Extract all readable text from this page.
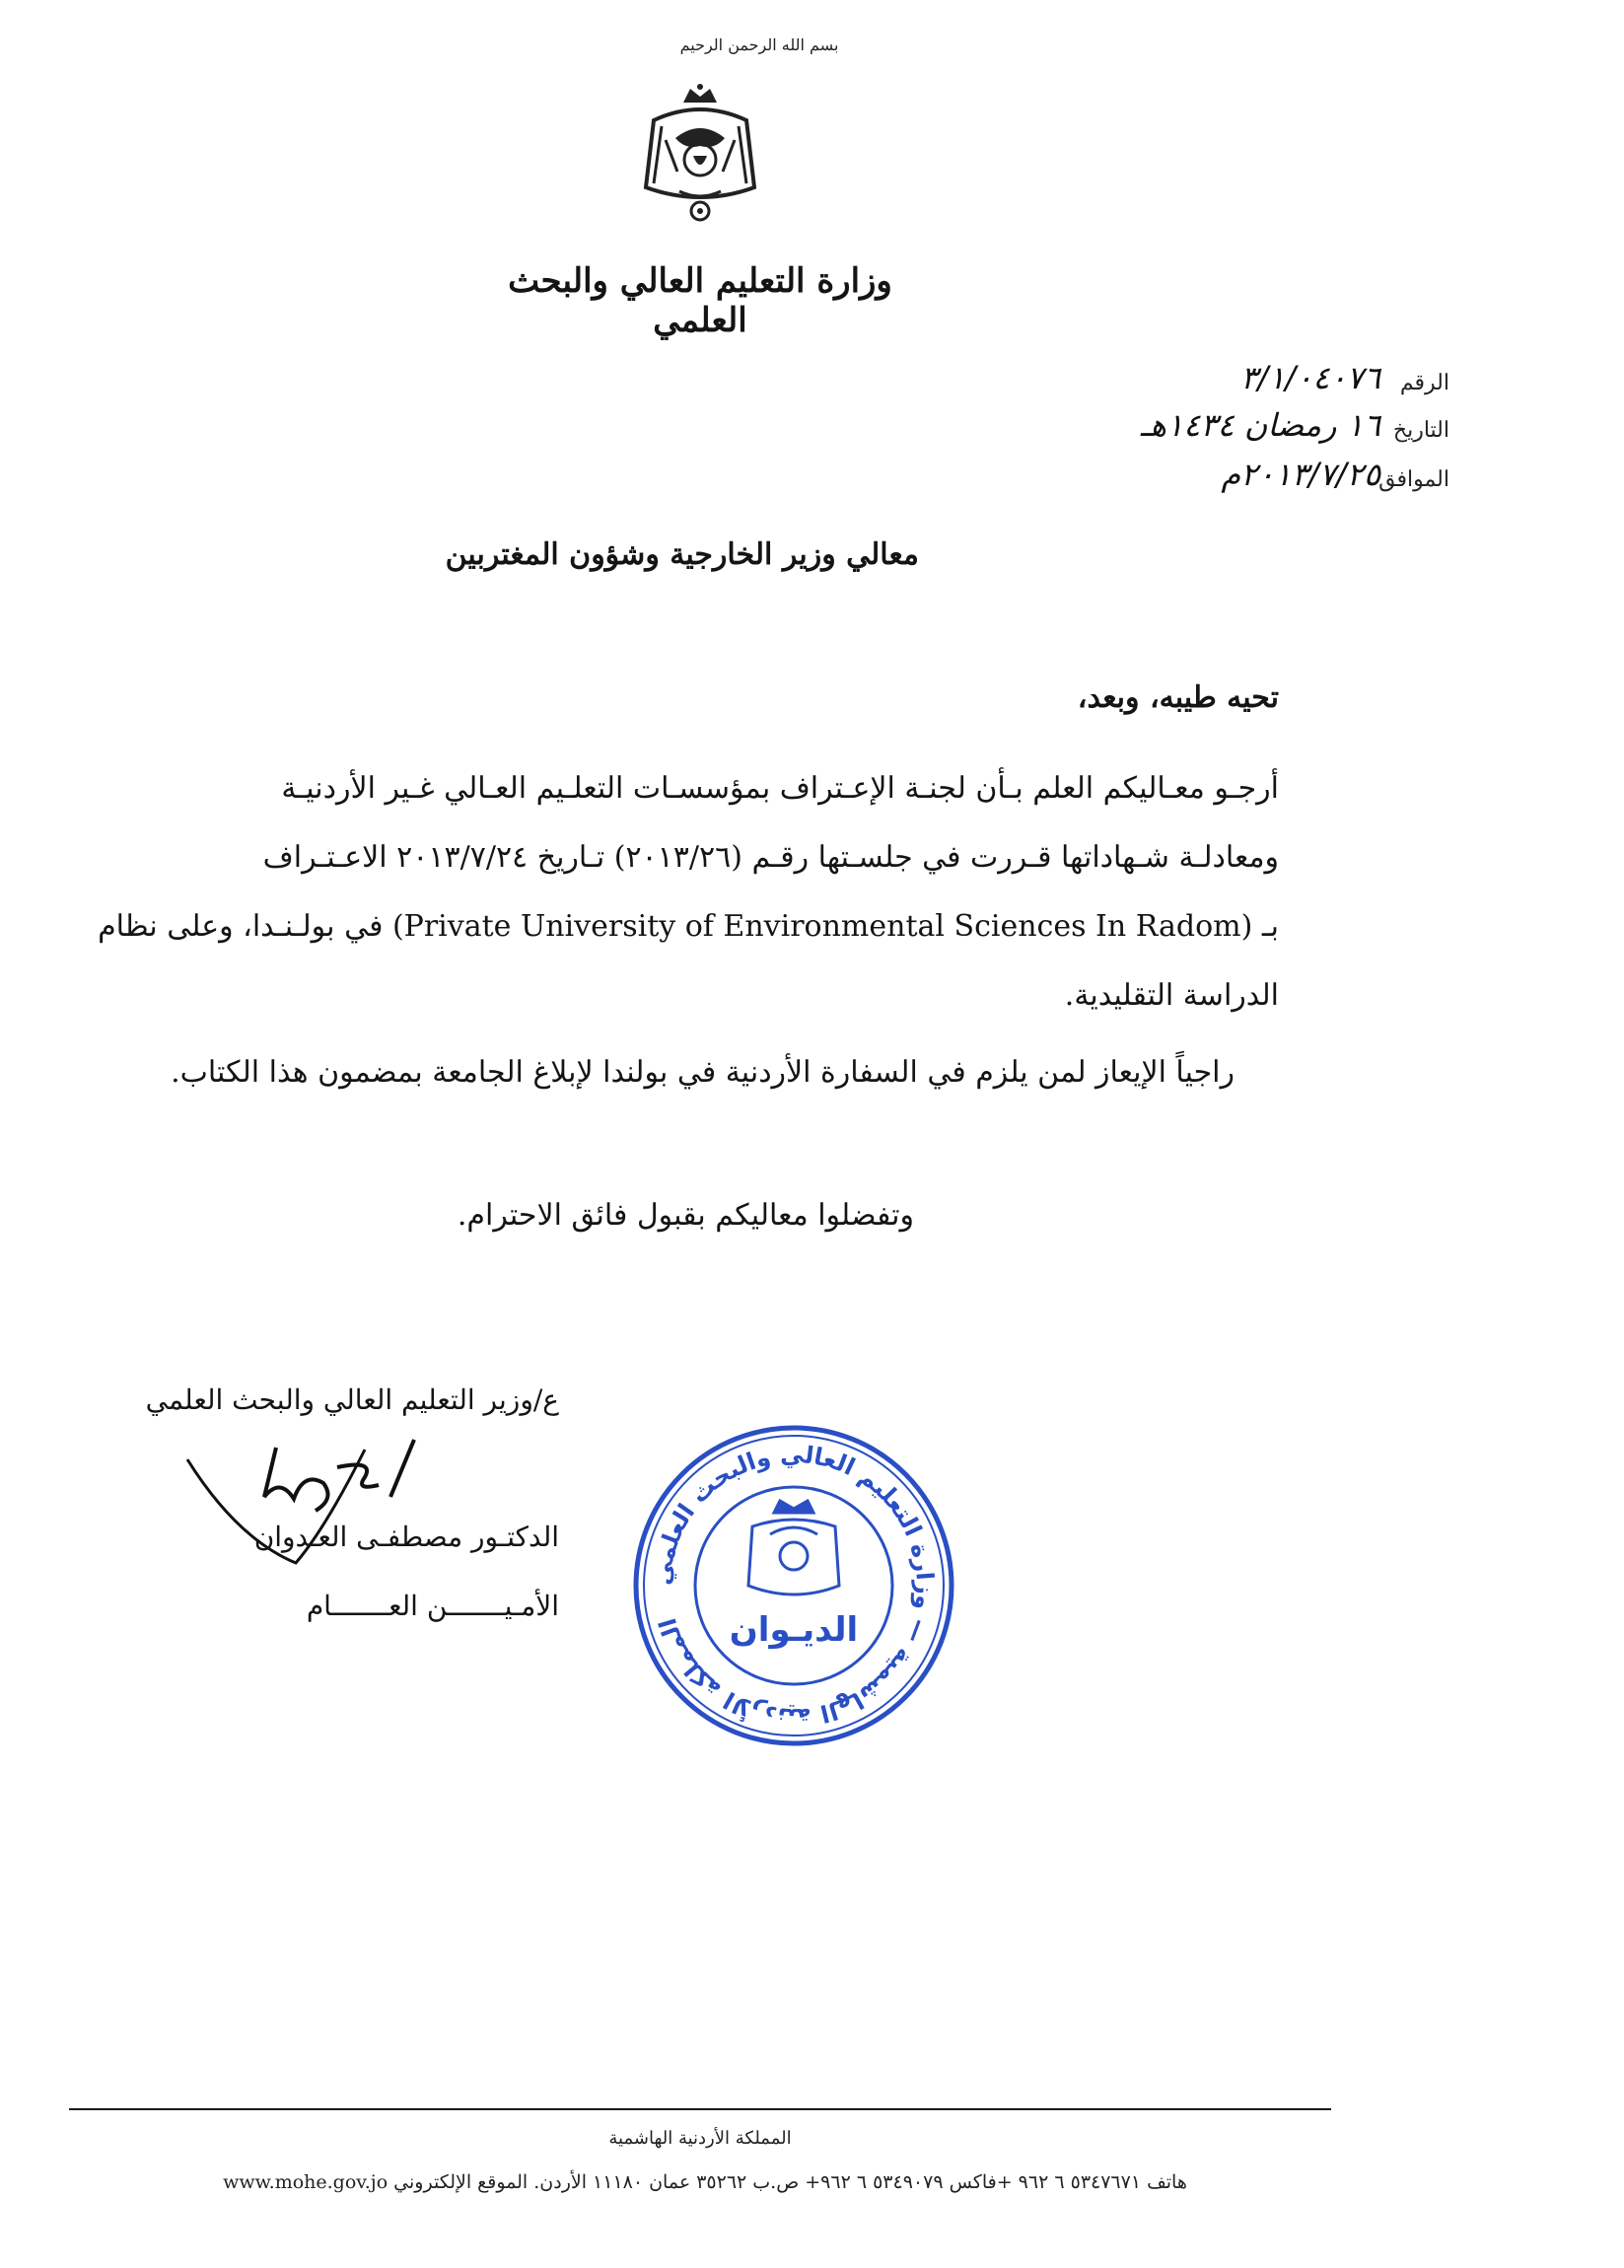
بسم الله الرحمن الرحيم
وزارة التعليم العالي والبحث العلمي
الرقم
٣/١/٠٤٠٧٦
التاريخ
١٦ رمضان ١٤٣٤هـ
الموافق
٢٠١٣/٧/٢٥م
معالي وزير الخارجية وشؤون المغتربين
تحيه طيبه، وبعد،
أرجـو معـاليكم العلم بـأن لجنـة الإعـتراف بمؤسسـات التعلـيم العـالي غـير الأردنيـة
ومعادلـة شـهاداتها قـررت في جلسـتها رقـم (٢٠١٣/٢٦) تـاريخ ٢٠١٣/٧/٢٤ الاعـتـراف
بـ (Private University of Environmental Sciences In Radom) في بولـنـدا، وعلى نظام
الدراسة التقليدية.
راجياً الإيعاز لمن يلزم في السفارة الأردنية في بولندا لإبلاغ الجامعة بمضمون هذا الكتاب.
وتفضلوا معاليكم بقبول فائق الاحترام.
ع/وزير التعليم العالي والبحث العلمي
الدكتـور مصطفـى العـدوان
الأمـيـــــــن العـــــــام
المملكة الأردنية الهاشمية — وزارة التعليم العالي والبحث العلمي	الديـوان
المملكة الأردنية الهاشمية
هاتف ٥٣٤٧٦٧١ ٦ ٩٦٢ +فاكس ٥٣٤٩٠٧٩ ٦ ٩٦٢+ ص.ب ٣٥٢٦٢ عمان ١١١٨٠ الأردن. الموقع الإلكتروني www.mohe.gov.jo
